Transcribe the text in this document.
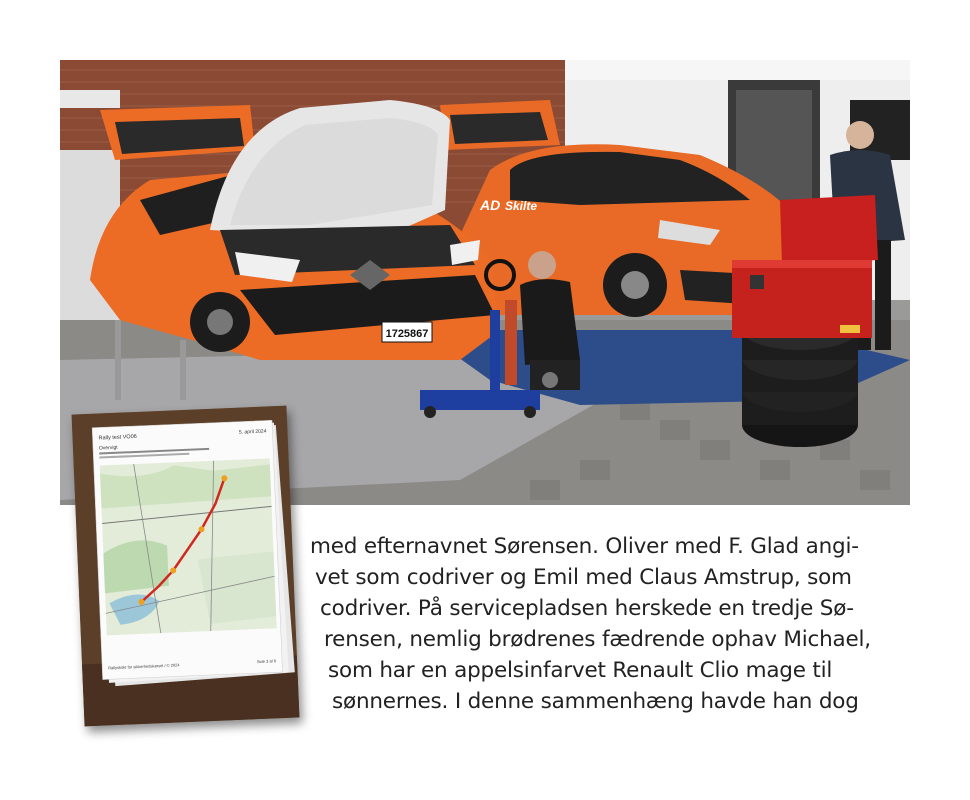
AD Skilte
1725867
Rally test VO06
5. april 2024
Overvigt
Rallyskole for sikkerhedskørsel / © 2024
Side 3 af 6
med efternavnet Sørensen. Oliver med F. Glad angi-
vet som codriver og Emil med Claus Amstrup, som
codriver. På servicepladsen herskede en tredje Sø-
rensen, nemlig brødrenes fædrende ophav Michael,
som har en appelsinfarvet Renault Clio mage til
sønnernes. I denne sammenhæng havde han dog
